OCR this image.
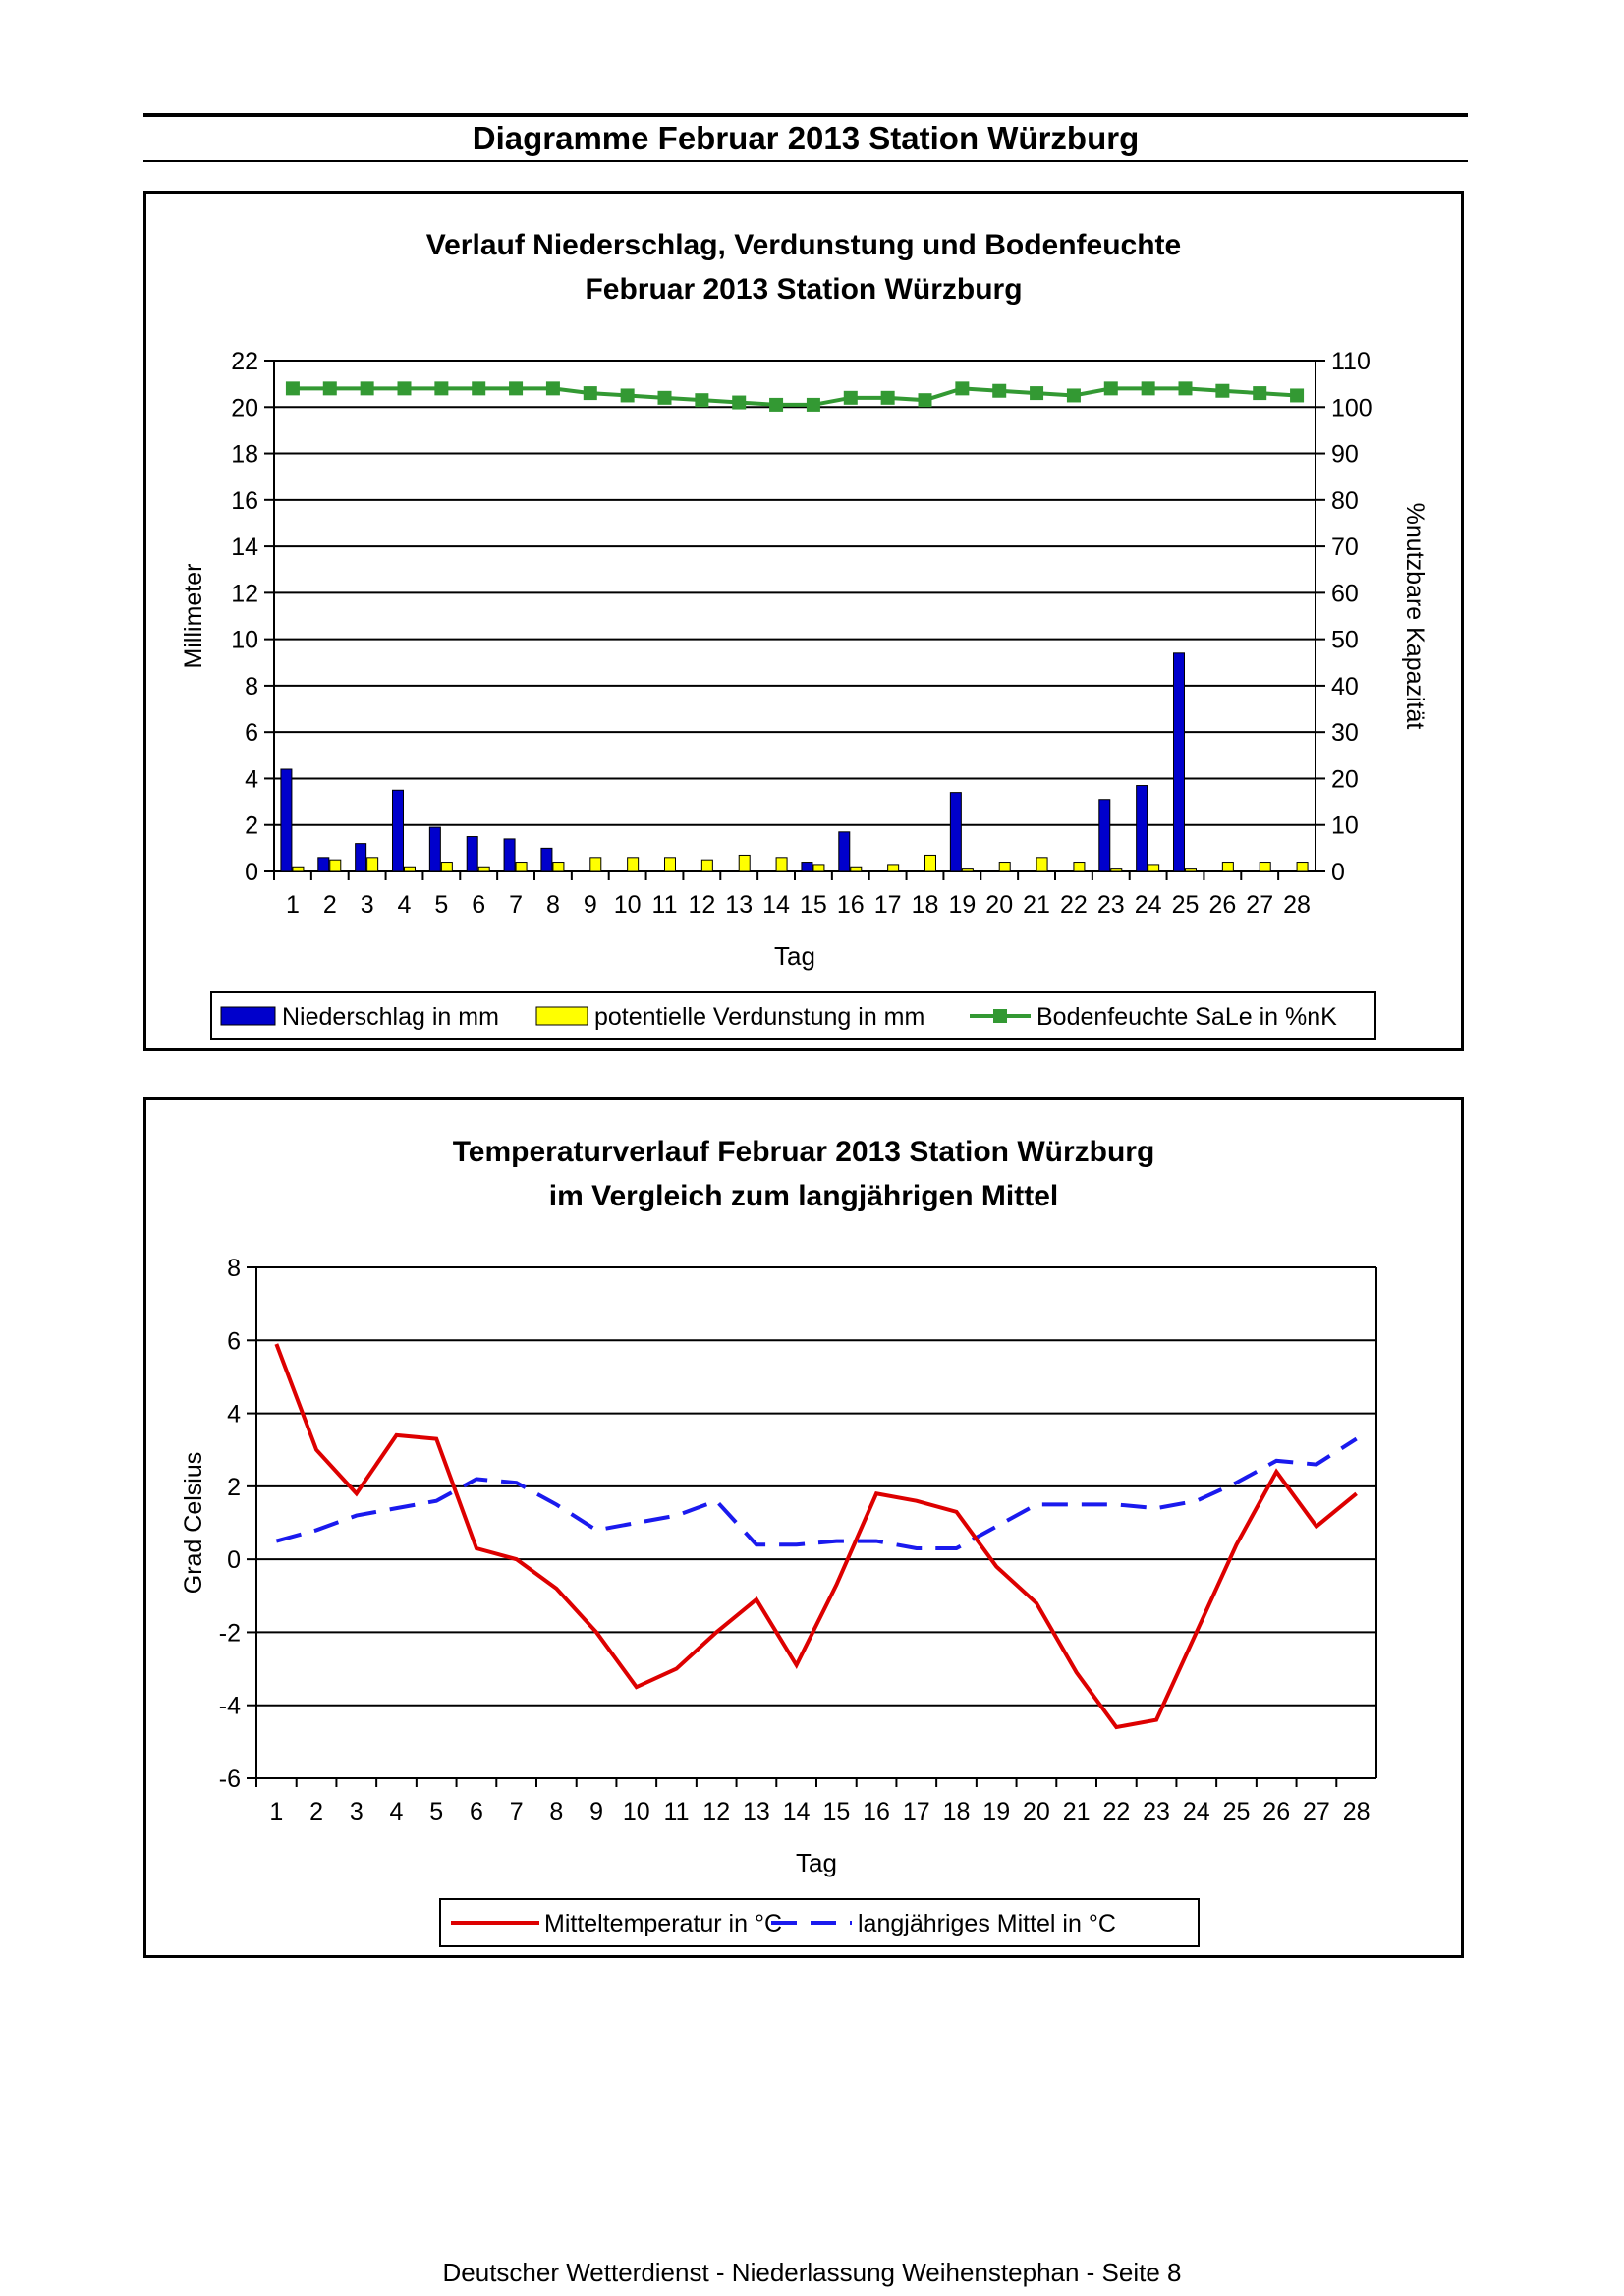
Diagramme Februar 2013 Station Würzburg
Verlauf Niederschlag, Verdunstung und Bodenfeuchte
Februar 2013 Station Würzburg
0
2
4
6
8
10
12
14
16
18
20
22
0
10
20
30
40
50
60
70
80
90
100
110
1 2 3 4 5 6 7 8 9 10 11 12 13 14 15 16 17 18 19 20 21 22 23 24 25 26 27 28
Millimeter	%nutzbare Kapazität
Tag
Niederschlag in mm	potentielle Verdunstung in mm	Bodenfeuchte SaLe in %nK
Temperaturverlauf Februar 2013 Station Würzburg
im Vergleich zum langjährigen Mittel
-6
-4
-2
0
2
4
6
8
1 2 3 4 5 6 7 8 9 10 11 12 13 14 15 16 17 18 19 20 21 22 23 24 25 26 27 28
Grad Celsius
Tag
Mitteltemperatur in °C	langjähriges Mittel in °C
Deutscher Wetterdienst - Niederlassung Weihenstephan - Seite 8
